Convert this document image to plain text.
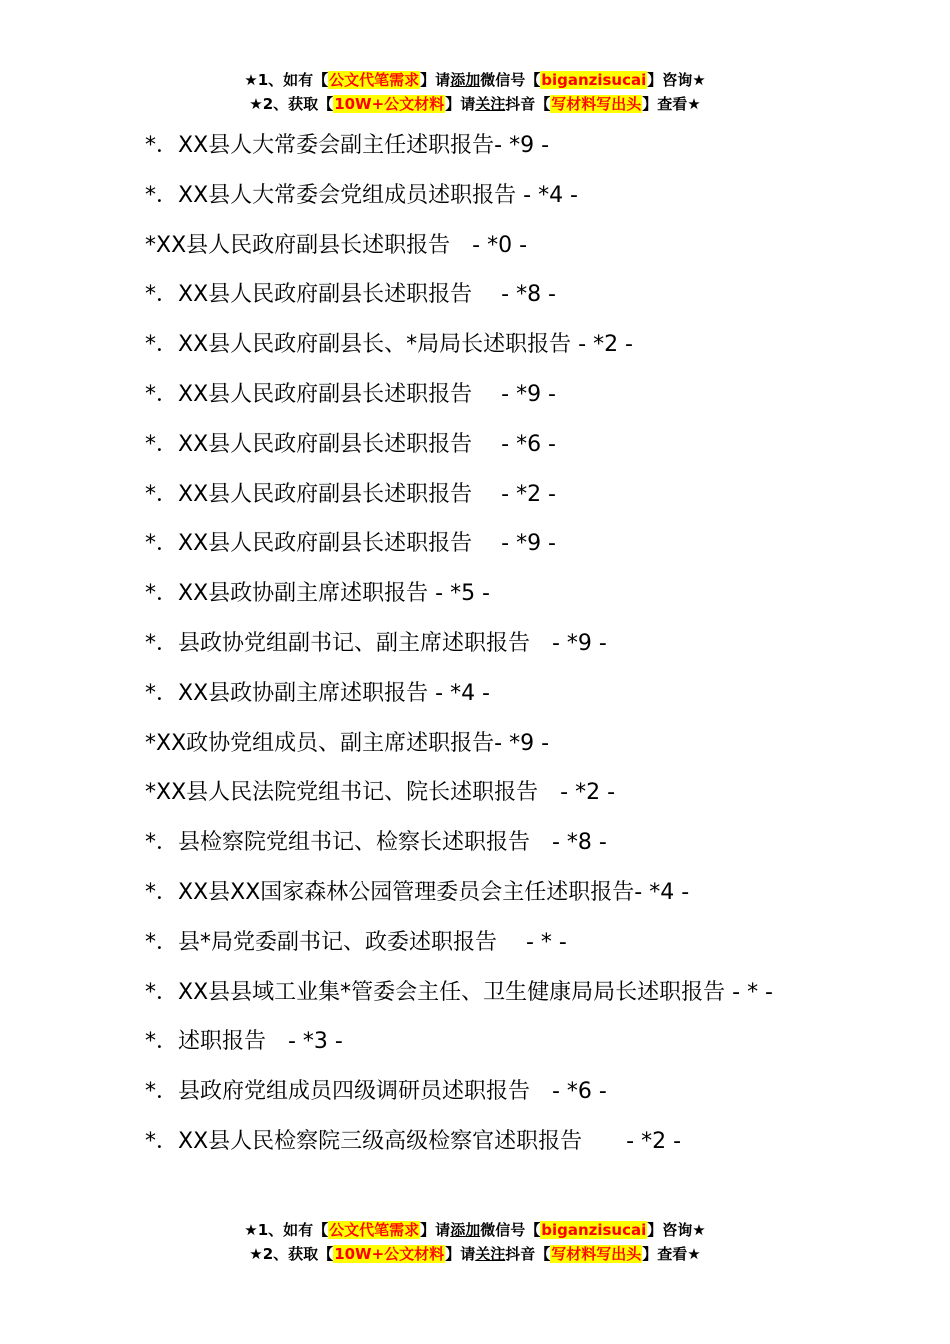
★1、如有【公文代笔需求】请添加微信号【biganzisucai】咨询★
★2、获取【10W+公文材料】请关注抖音【写材料写出头】查看★
*．XX县人大常委会副主任述职报告- *9 -
*．XX县人大常委会党组成员述职报告 - *4 -
*XX县人民政府副县长述职报告　- *0 -
*．XX县人民政府副县长述职报告　 - *8 -
*．XX县人民政府副县长、*局局长述职报告 - *2 -
*．XX县人民政府副县长述职报告　 - *9 -
*．XX县人民政府副县长述职报告　 - *6 -
*．XX县人民政府副县长述职报告　 - *2 -
*．XX县人民政府副县长述职报告　 - *9 -
*．XX县政协副主席述职报告 - *5 -
*．县政协党组副书记、副主席述职报告　- *9 -
*．XX县政协副主席述职报告 - *4 -
*XX政协党组成员、副主席述职报告- *9 -
*XX县人民法院党组书记、院长述职报告　- *2 -
*．县检察院党组书记、检察长述职报告　- *8 -
*．XX县XX国家森林公园管理委员会主任述职报告- *4 -
*．县*局党委副书记、政委述职报告　 - * -
*．XX县县域工业集*管委会主任、卫生健康局局长述职报告 - * -
*．述职报告　- *3 -
*．县政府党组成员四级调研员述职报告　- *6 -
*．XX县人民检察院三级高级检察官述职报告　　- *2 -
★1、如有【公文代笔需求】请添加微信号【biganzisucai】咨询★
★2、获取【10W+公文材料】请关注抖音【写材料写出头】查看★
